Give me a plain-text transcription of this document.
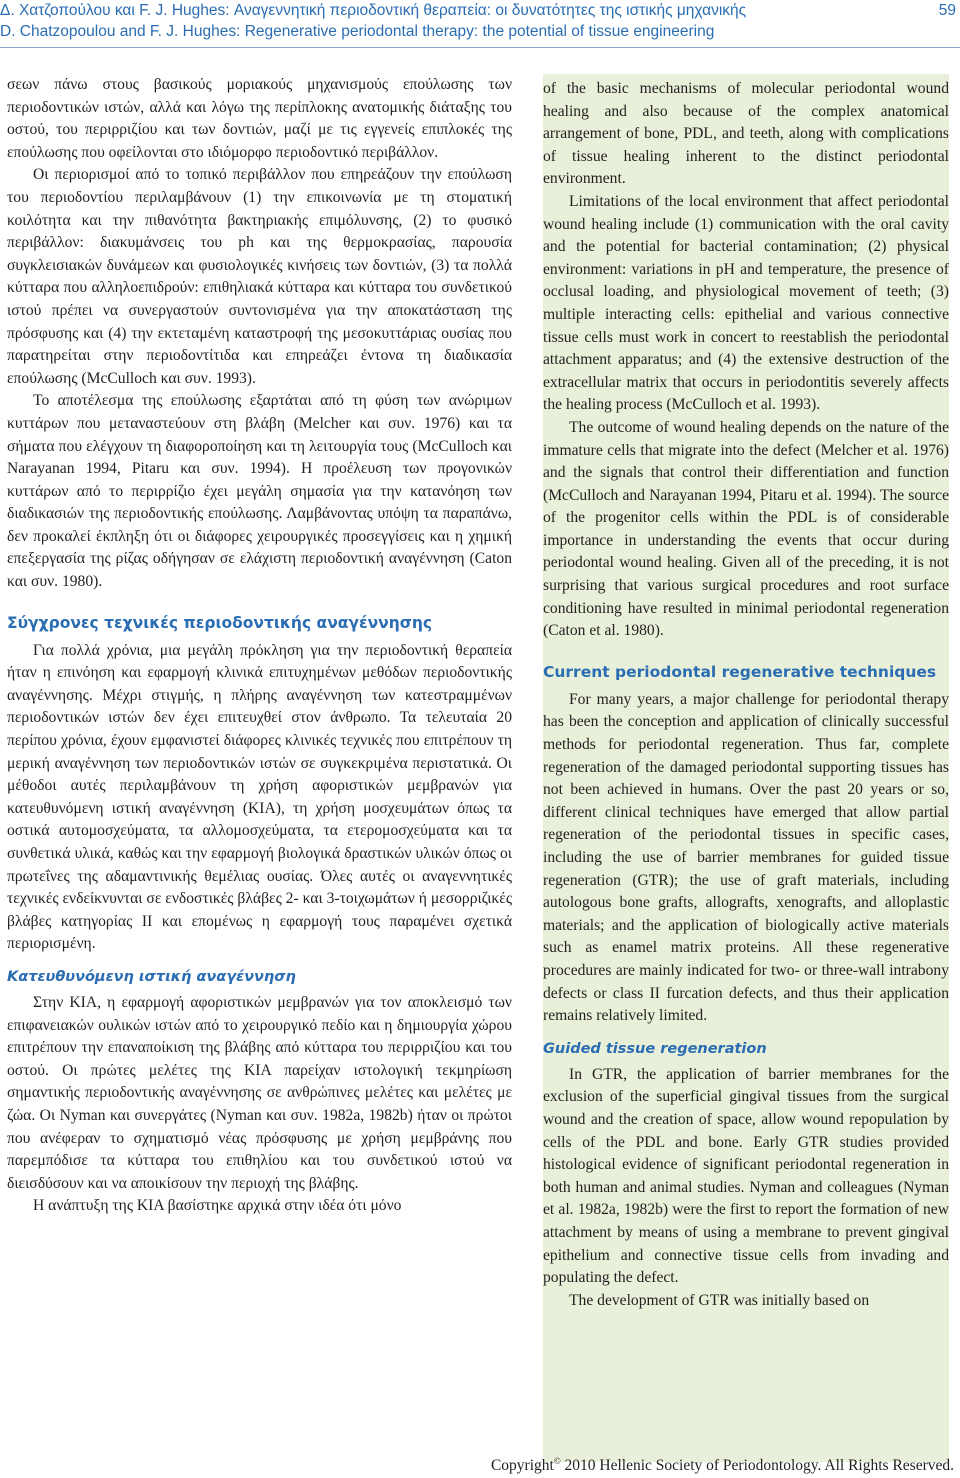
Δ. Χατζοπούλου και F. J. Hughes: Αναγεννητική περιοδοντική θεραπεία: οι δυνατότητες της ιστικής μηχανικής
D. Chatzopoulou and F. J. Hughes: Regenerative periodontal therapy: the potential of tissue engineering
59

σεων πάνω στους βασικούς μοριακούς μηχανισμούς επούλωσης των περιοδοντικών ιστών, αλλά και λόγω της περίπλοκης ανατομικής διάταξης του οστού, του περιρριζίου και των δοντιών, μαζί με τις εγγενείς επιπλοκές της επούλωσης που οφείλονται στο ιδιόμορφο περιοδοντικό περιβάλλον.

Οι περιορισμοί από το τοπικό περιβάλλον που επηρεάζουν την επούλωση του περιοδοντίου περιλαμβάνουν (1) την επικοινωνία με τη στοματική κοιλότητα και την πιθανότητα βακτηριακής επιμόλυνσης, (2) το φυσικό περιβάλλον: διακυμάνσεις του ph και της θερμοκρασίας, παρουσία συγκλεισιακών δυνάμεων και φυσιολογικές κινήσεις των δοντιών, (3) τα πολλά κύτταρα που αλληλοεπιδρούν: επιθηλιακά κύτταρα και κύτταρα του συνδετικού ιστού πρέπει να συνεργαστούν συντονισμένα για την αποκατάσταση της πρόσφυσης και (4) την εκτεταμένη καταστροφή της μεσοκυττάριας ουσίας που παρατηρείται στην περιοδοντίτιδα και επηρεάζει έντονα τη διαδικασία επούλωσης (McCulloch και συν. 1993).

Το αποτέλεσμα της επούλωσης εξαρτάται από τη φύση των ανώριμων κυττάρων που μεταναστεύουν στη βλάβη (Melcher και συν. 1976) και τα σήματα που ελέγχουν τη διαφοροποίηση και τη λειτουργία τους (McCulloch και Narayanan 1994, Pitaru και συν. 1994). Η προέλευση των προγονικών κυττάρων από το περιρρίζιο έχει μεγάλη σημασία για την κατανόηση των διαδικασιών της περιοδοντικής επούλωσης. Λαμβάνοντας υπόψη τα παραπάνω, δεν προκαλεί έκπληξη ότι οι διάφορες χειρουργικές προσεγγίσεις και η χημική επεξεργασία της ρίζας οδήγησαν σε ελάχιστη περιοδοντική αναγέννηση (Caton και συν. 1980).

Σύγχρονες τεχνικές περιοδοντικής αναγέννησης

Για πολλά χρόνια, μια μεγάλη πρόκληση για την περιοδοντική θεραπεία ήταν η επινόηση και εφαρμογή κλινικά επιτυχημένων μεθόδων περιοδοντικής αναγέννησης. Μέχρι στιγμής, η πλήρης αναγέννηση των κατεστραμμένων περιοδοντικών ιστών δεν έχει επιτευχθεί στον άνθρωπο. Τα τελευταία 20 περίπου χρόνια, έχουν εμφανιστεί διάφορες κλινικές τεχνικές που επιτρέπουν τη μερική αναγέννηση των περιοδοντικών ιστών σε συγκεκριμένα περιστατικά. Οι μέθοδοι αυτές περιλαμβάνουν τη χρήση αφοριστικών μεμβρανών για κατευθυνόμενη ιστική αναγέννηση (ΚΙΑ), τη χρήση μοσχευμάτων όπως τα οστικά αυτομοσχεύματα, τα αλλομοσχεύματα, τα ετερομοσχεύματα και τα συνθετικά υλικά, καθώς και την εφαρμογή βιολογικά δραστικών υλικών όπως οι πρωτεΐνες της αδαμαντινικής θεμέλιας ουσίας. Όλες αυτές οι αναγεννητικές τεχνικές ενδείκνυνται σε ενδοστικές βλάβες 2- και 3-τοιχωμάτων ή μεσορριζικές βλάβες κατηγορίας ΙΙ και επομένως η εφαρμογή τους παραμένει σχετικά περιορισμένη.

Κατευθυνόμενη ιστική αναγέννηση

Στην ΚΙΑ, η εφαρμογή αφοριστικών μεμβρανών για τον αποκλεισμό των επιφανειακών ουλικών ιστών από το χειρουργικό πεδίο και η δημιουργία χώρου επιτρέπουν την επαναποίκιση της βλάβης από κύτταρα του περιρριζίου και του οστού. Οι πρώτες μελέτες της ΚΙΑ παρείχαν ιστολογική τεκμηρίωση σημαντικής περιοδοντικής αναγέννησης σε ανθρώπινες μελέτες και μελέτες με ζώα. Οι Nyman και συνεργάτες (Nyman και συν. 1982a, 1982b) ήταν οι πρώτοι που ανέφεραν το σχηματισμό νέας πρόσφυσης με χρήση μεμβράνης που παρεμπόδισε τα κύτταρα του επιθηλίου και του συνδετικού ιστού να διεισδύσουν και να αποικίσουν την περιοχή της βλάβης.

Η ανάπτυξη της ΚΙΑ βασίστηκε αρχικά στην ιδέα ότι μόνο

of the basic mechanisms of molecular periodontal wound healing and also because of the complex anatomical arrangement of bone, PDL, and teeth, along with complications of tissue healing inherent to the distinct periodontal environment.

Limitations of the local environment that affect periodontal wound healing include (1) communication with the oral cavity and the potential for bacterial contamination; (2) physical environment: variations in pH and temperature, the presence of occlusal loading, and physiological movement of teeth; (3) multiple interacting cells: epithelial and various connective tissue cells must work in concert to reestablish the periodontal attachment apparatus; and (4) the extensive destruction of the extracellular matrix that occurs in periodontitis severely affects the healing process (McCulloch et al. 1993).

The outcome of wound healing depends on the nature of the immature cells that migrate into the defect (Melcher et al. 1976) and the signals that control their differentiation and function (McCulloch and Narayanan 1994, Pitaru et al. 1994). The source of the progenitor cells within the PDL is of considerable importance in understanding the events that occur during periodontal wound healing. Given all of the preceding, it is not surprising that various surgical procedures and root surface conditioning have resulted in minimal periodontal regeneration (Caton et al. 1980).

Current periodontal regenerative techniques

For many years, a major challenge for periodontal therapy has been the conception and application of clinically successful methods for periodontal regeneration. Thus far, complete regeneration of the damaged periodontal supporting tissues has not been achieved in humans. Over the past 20 years or so, different clinical techniques have emerged that allow partial regeneration of the periodontal tissues in specific cases, including the use of barrier membranes for guided tissue regeneration (GTR); the use of graft materials, including autologous bone grafts, allografts, xenografts, and alloplastic materials; and the application of biologically active materials such as enamel matrix proteins. All these regenerative procedures are mainly indicated for two- or three-wall intrabony defects or class II furcation defects, and thus their application remains relatively limited.

Guided tissue regeneration

In GTR, the application of barrier membranes for the exclusion of the superficial gingival tissues from the surgical wound and the creation of space, allow wound repopulation by cells of the PDL and bone. Early GTR studies provided histological evidence of significant periodontal regeneration in both human and animal studies. Nyman and colleagues (Nyman et al. 1982a, 1982b) were the first to report the formation of new attachment by means of using a membrane to prevent gingival epithelium and connective tissue cells from invading and populating the defect.

The development of GTR was initially based on

Copyright© 2010 Hellenic Society of Periodontology. All Rights Reserved.
